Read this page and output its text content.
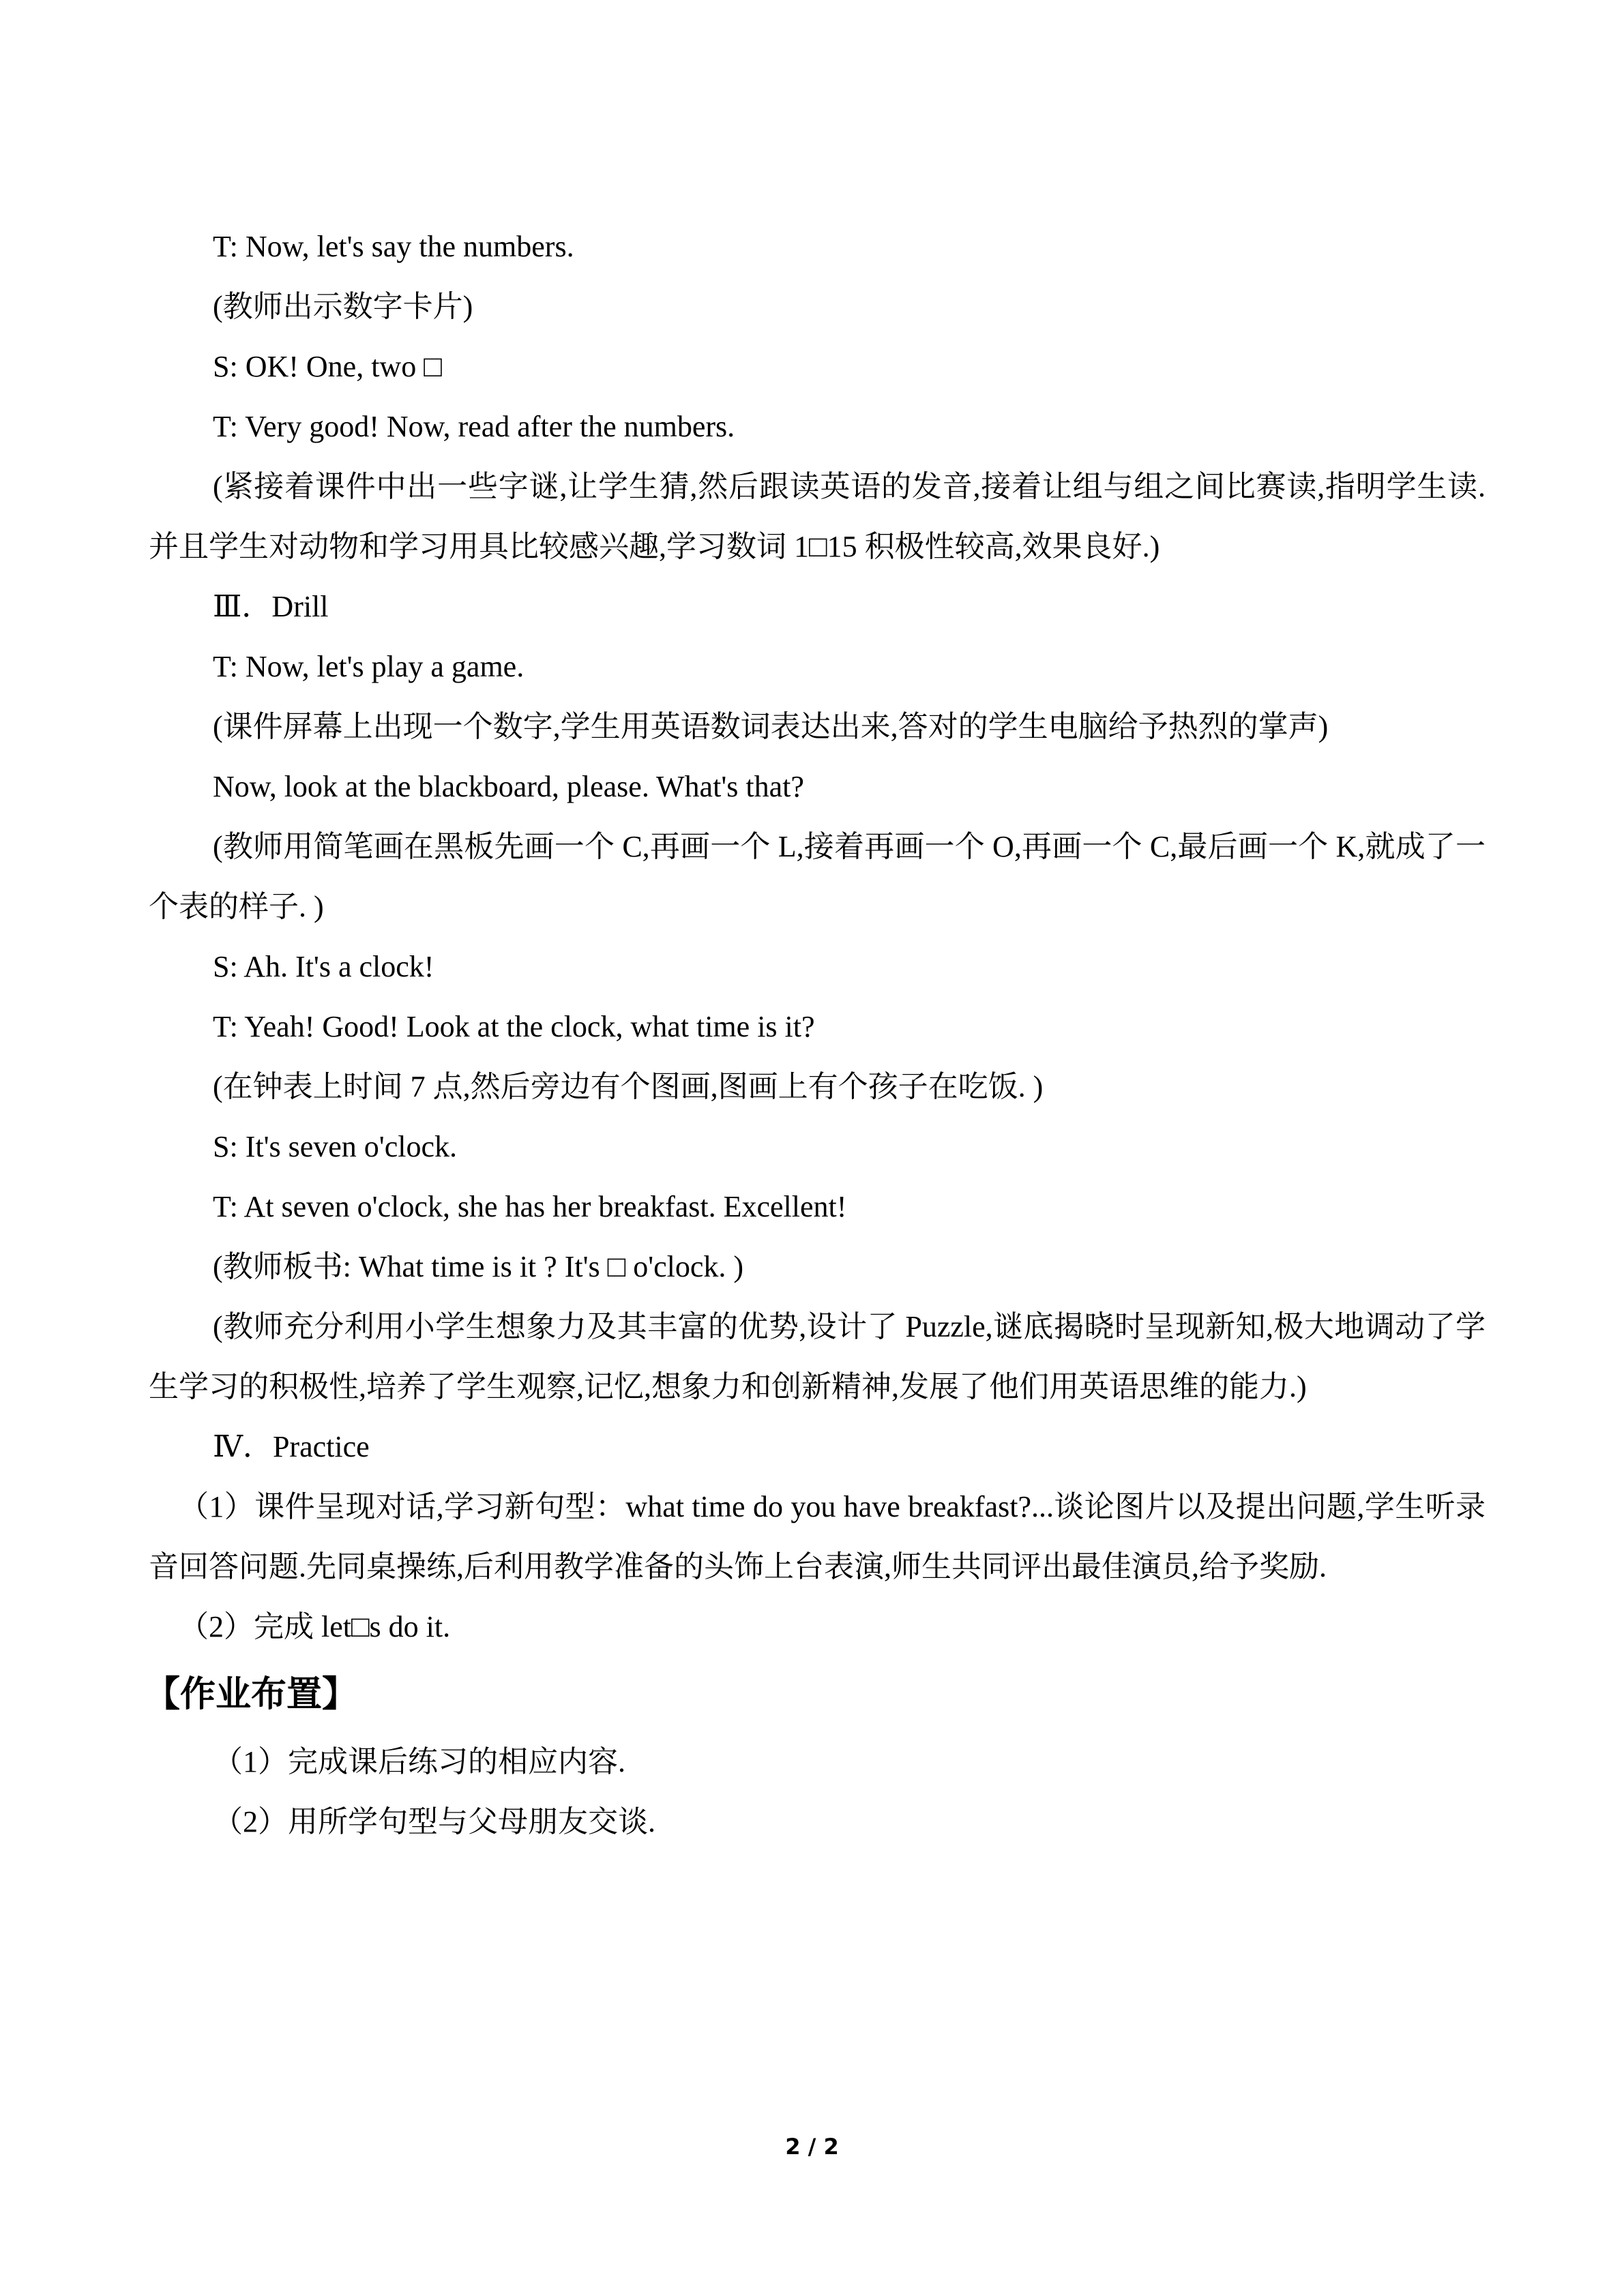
T: Now, let's say the numbers.
(教师出示数字卡片)
S: OK! One, two □
T: Very good! Now, read after the numbers.
(紧接着课件中出一些字谜,让学生猜,然后跟读英语的发音,接着让组与组之间比赛读,指明学生读.并且学生对动物和学习用具比较感兴趣,学习数词 1□15 积极性较高,效果良好.)
Ⅲ．Drill
T: Now, let's play a game.
(课件屏幕上出现一个数字,学生用英语数词表达出来,答对的学生电脑给予热烈的掌声)
Now, look at the blackboard, please. What's that?
(教师用简笔画在黑板先画一个 C,再画一个 L,接着再画一个 O,再画一个 C,最后画一个 K,就成了一个表的样子. )
S: Ah. It's a clock!
T: Yeah! Good! Look at the clock, what time is it?
(在钟表上时间 7 点,然后旁边有个图画,图画上有个孩子在吃饭. )
S: It's seven o'clock.
T: At seven o'clock, she has her breakfast. Excellent!
(教师板书: What time is it ? It's □ o'clock. )
(教师充分利用小学生想象力及其丰富的优势,设计了 Puzzle,谜底揭晓时呈现新知,极大地调动了学生学习的积极性,培养了学生观察,记忆,想象力和创新精神,发展了他们用英语思维的能力.)
Ⅳ．Practice
（1）课件呈现对话,学习新句型：what time do you have breakfast?...谈论图片以及提出问题,学生听录音回答问题.先同桌操练,后利用教学准备的头饰上台表演,师生共同评出最佳演员,给予奖励.
（2）完成 let□s do it.
【作业布置】
（1）完成课后练习的相应内容.
（2）用所学句型与父母朋友交谈.
2 / 2
